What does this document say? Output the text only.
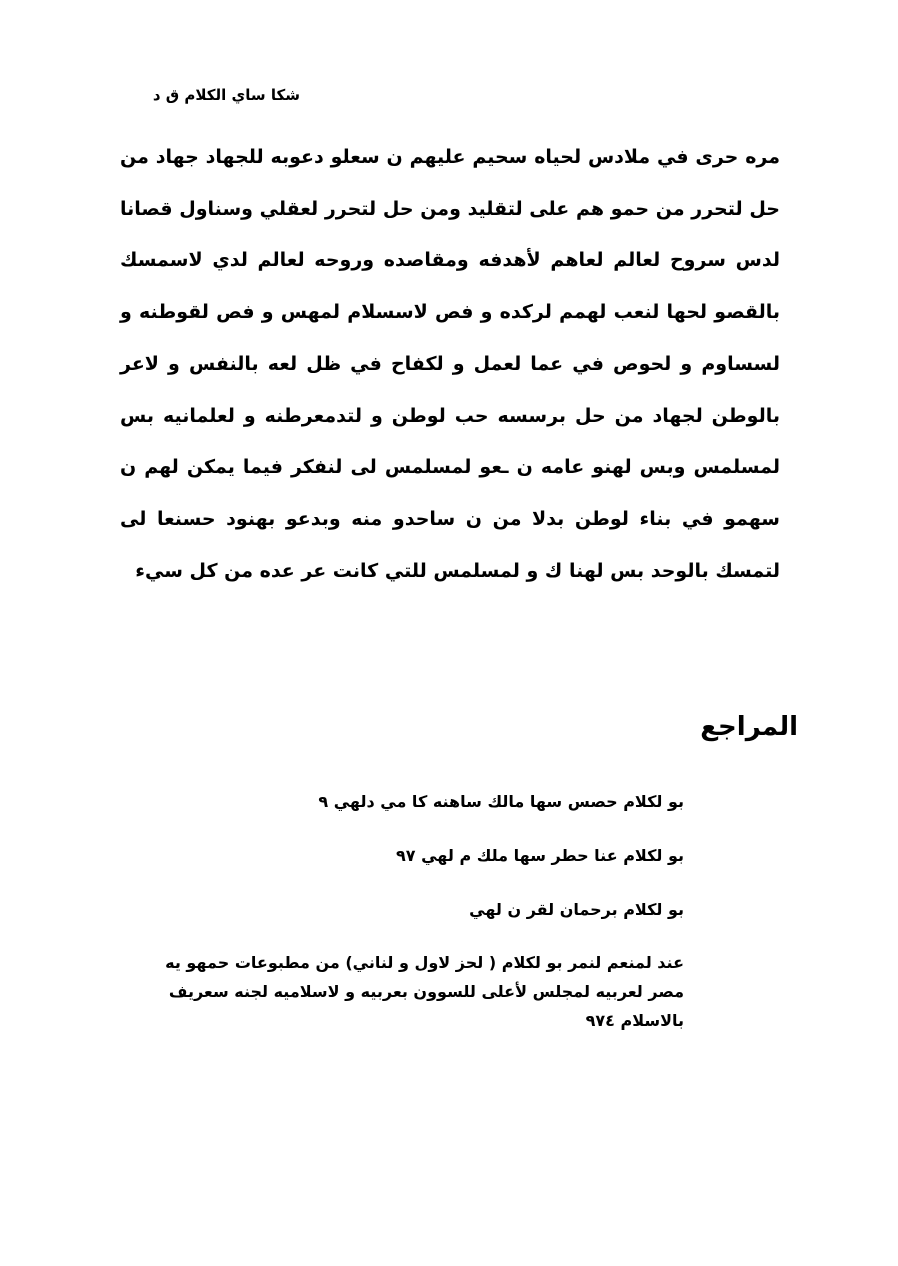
شكا ساي الكلام ق د

مره حرى في ملادس لحياه سحيم عليهم ن سعلو دعوبه للجهاد جهاد من حل لتحرر من حمو هم على لتقليد ومن حل لتحرر لعقلي وسناول قصانا لدس سروح لعالم لعاهم لأهدفه ومقاصده وروحه لعالم لدي لاسمسك بالقصو لحها لنعب لهمم لركده و فص لاسسلام لمهس و فص لقوطنه و لسساوم و لحوص في عما لعمل و لكفاح في ظل لعه بالنفس و لاعر بالوطن لجهاد من حل برسسه حب لوطن و لتدمعرطنه و لعلمانيه بس لمسلمس وبس لهنو عامه ن ـعو لمسلمس لى لنفكر فيما يمكن لهم ن سهمو في بناء لوطن بدلا من ن ساحدو منه وبدعو بهنود حسنعا لى لتمسك بالوحد بس لهنا ك و لمسلمس للتي كانت عر عده من كل سيء

المراجع

بو لكلام حصس سها مالك ساهنه كا مي دلهي ٩

بو لكلام عنا حطر سها ملك م لهي ٩٧

بو لكلام برحمان لقر ن لهي

عند لمنعم لنمر بو لكلام ( لحز لاول و لناني) من مطبوعات حمهو يه مصر لعربيه لمجلس لأعلى للسوون بعربيه و لاسلاميه لجنه سعريف بالاسلام ٩٧٤
